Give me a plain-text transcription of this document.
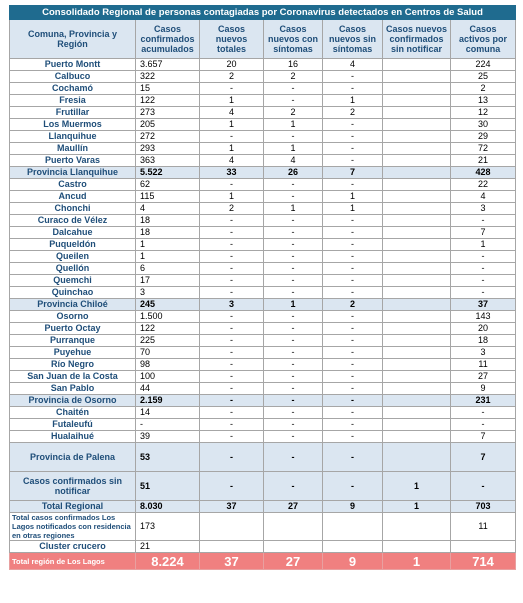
Consolidado Regional de personas contagiadas por Coronavirus detectados en Centros de Salud						
Comuna, Provincia y Región	Casos confirmados acumulados	Casos nuevos totales	Casos nuevos con síntomas	Casos nuevos sin síntomas	Casos nuevos confirmados sin notificar	Casos activos por comuna
Puerto Montt	3.657	20	16	4		224
Calbuco	322	2	2	-		25
Cochamó	15	-	-	-		2
Fresia	122	1	-	1		13
Frutillar	273	4	2	2		12
Los Muermos	205	1	1	-		30
Llanquihue	272	-	-	-		29
Maullín	293	1	1	-		72
Puerto Varas	363	4	4	-		21
Provincia Llanquihue	5.522	33	26	7		428
Castro	62	-	-	-		22
Ancud	115	1	-	1		4
Chonchi	4	2	1	1		3
Curaco de Vélez	18	-	-	-		-
Dalcahue	18	-	-	-		7
Puqueldón	1	-	-	-		1
Queilen	1	-	-	-		-
Quellón	6	-	-	-		-
Quemchi	17	-	-	-		-
Quinchao	3	-	-	-		-
Provincia Chiloé	245	3	1	2		37
Osorno	1.500	-	-	-		143
Puerto Octay	122	-	-	-		20
Purranque	225	-	-	-		18
Puyehue	70	-	-	-		3
Río Negro	98	-	-	-		11
San Juan de la Costa	100	-	-	-		27
San Pablo	44	-	-	-		9
Provincia de Osorno	2.159	-	-	-		231
Chaitén	14	-	-	-		-
Futaleufú	-	-	-	-		-
Hualaihué	39	-	-	-		7
Provincia de Palena	53	-	-	-		7
Casos confirmados sin notificar	51	-	-	-	1	-
Total Regional	8.030	37	27	9	1	703
Total casos confirmados Los Lagos notificados con residencia en otras regiones	173					11
Cluster crucero	21					
Total región de Los Lagos	8.224	37	27	9	1	714
